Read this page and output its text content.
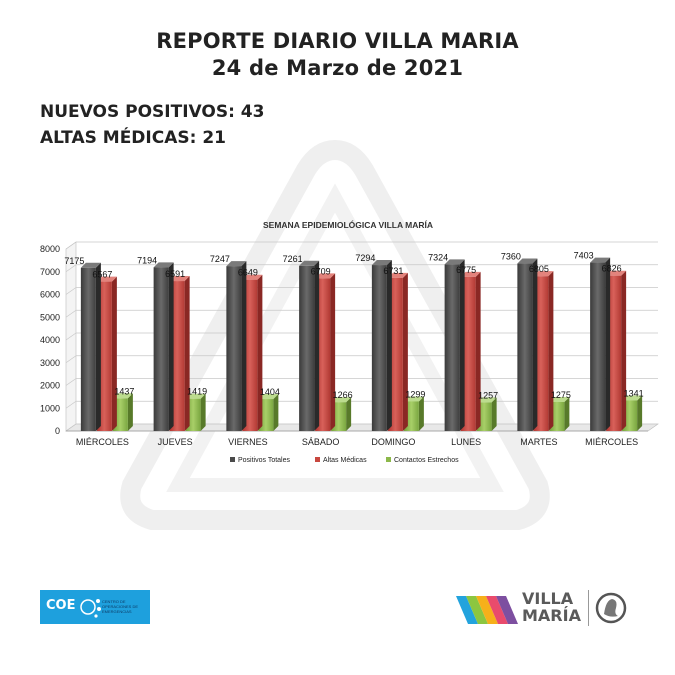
REPORTE DIARIO VILLA MARIA
24 de Marzo de 2021
NUEVOS POSITIVOS: 43
ALTAS MÉDICAS: 21
SEMANA EPIDEMIOLÓGICA VILLA MARÍA
0
1000
2000
3000
4000
5000
6000
7000
8000
7175	7194	7247	7261	7294	7324	7360	7403
6567	6591	6649	6709	6731	6775	6805	6826
1437	1419	1404	1266	1299	1257	1275	1341
MIÉRCOLES	JUEVES	VIERNES	SÁBADO	DOMINGO	LUNES	MARTES	MIÉRCOLES
Positivos Totales	Altas Médicas	Contactos Estrechos
COE	CENTRO DE OPERACIONES DE EMERGENCIAS
VILLA
MARÍA
